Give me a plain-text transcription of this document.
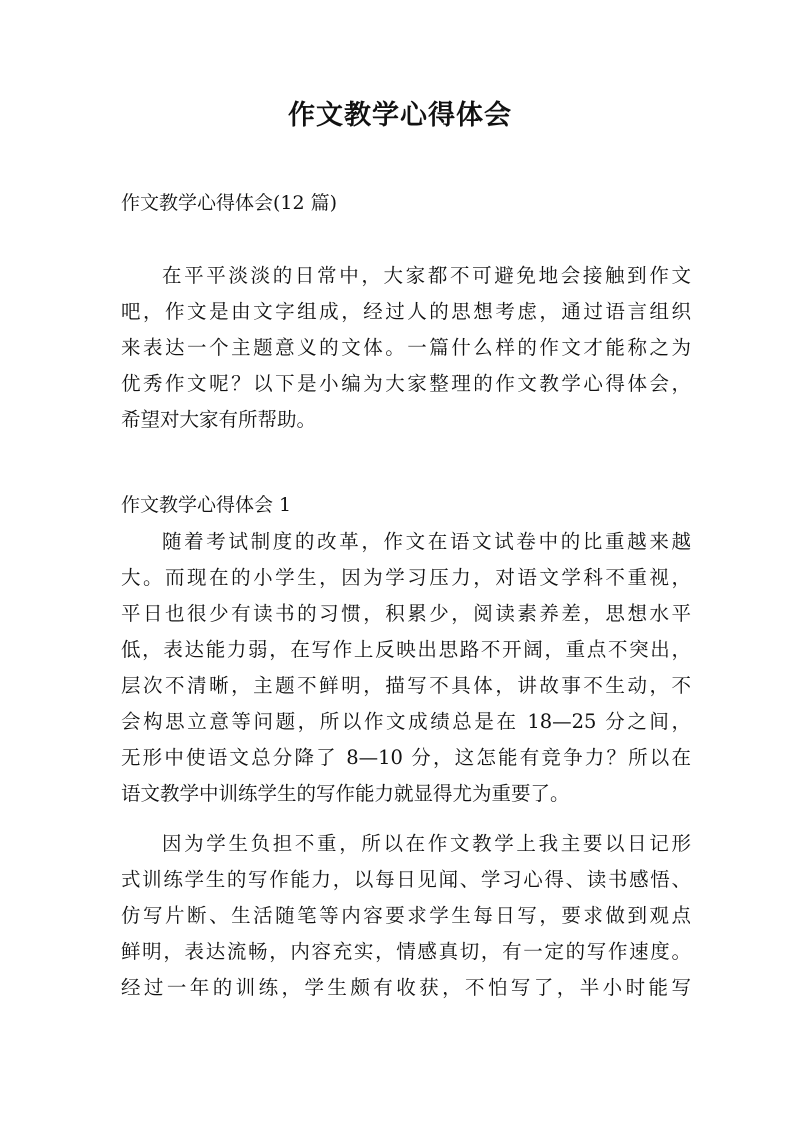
作文教学心得体会
作文教学心得体会(12 篇)
在平平淡淡的日常中，大家都不可避免地会接触到作文
吧，作文是由文字组成，经过人的思想考虑，通过语言组织
来表达一个主题意义的文体。一篇什么样的作文才能称之为
优秀作文呢？以下是小编为大家整理的作文教学心得体会，
希望对大家有所帮助。
作文教学心得体会 1
随着考试制度的改革，作文在语文试卷中的比重越来越
大。而现在的小学生，因为学习压力，对语文学科不重视，
平日也很少有读书的习惯，积累少，阅读素养差，思想水平
低，表达能力弱，在写作上反映出思路不开阔，重点不突出，
层次不清晰，主题不鲜明，描写不具体，讲故事不生动，不
会构思立意等问题，所以作文成绩总是在 18—25 分之间，
无形中使语文总分降了 8—10 分，这怎能有竞争力？所以在
语文教学中训练学生的写作能力就显得尤为重要了。
因为学生负担不重，所以在作文教学上我主要以日记形
式训练学生的写作能力，以每日见闻、学习心得、读书感悟、
仿写片断、生活随笔等内容要求学生每日写，要求做到观点
鲜明，表达流畅，内容充实，情感真切，有一定的写作速度。
经过一年的训练，学生颇有收获，不怕写了，半小时能写
